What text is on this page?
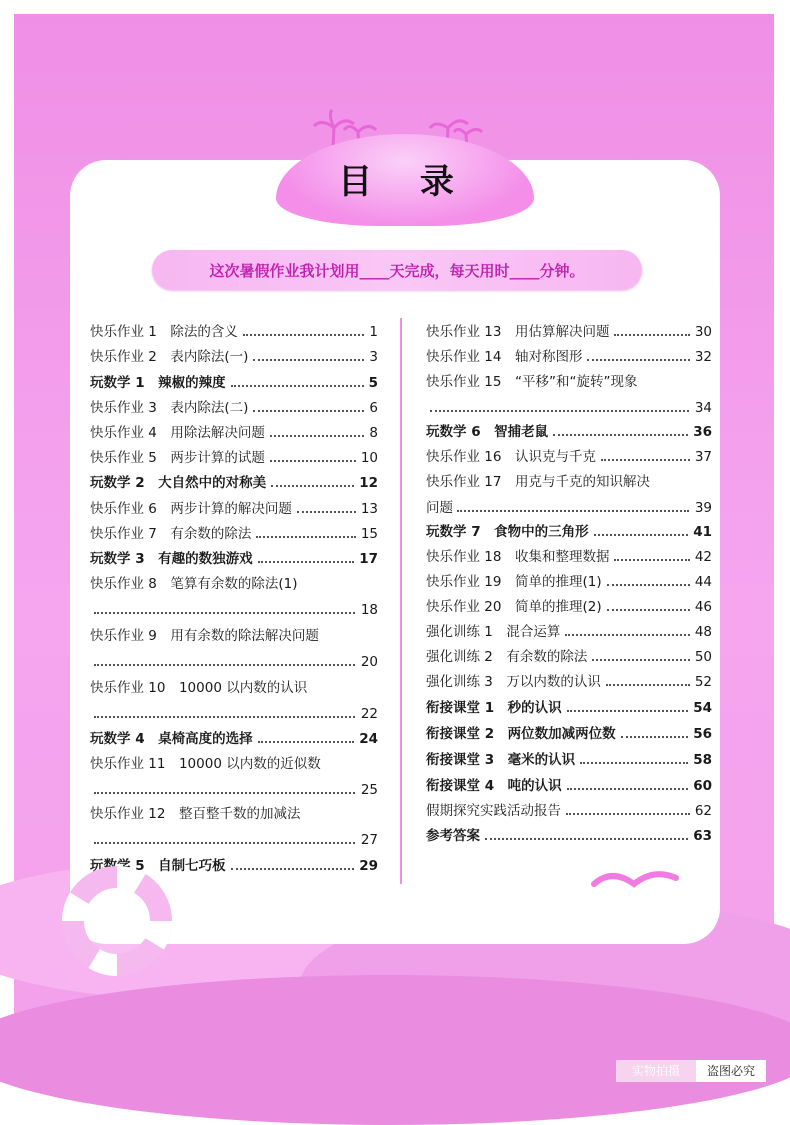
目 录
这次暑假作业我计划用____天完成，每天用时____分钟。
快乐作业 1　除法的含义	1
快乐作业 2　表内除法(一)	3
玩数学 1　辣椒的辣度	5
快乐作业 3　表内除法(二)	6
快乐作业 4　用除法解决问题	8
快乐作业 5　两步计算的试题	10
玩数学 2　大自然中的对称美	12
快乐作业 6　两步计算的解决问题	13
快乐作业 7　有余数的除法	15
玩数学 3　有趣的数独游戏	17
快乐作业 8　笔算有余数的除法(1)
18
快乐作业 9　用有余数的除法解决问题
20
快乐作业 10　10000 以内数的认识
22
玩数学 4　桌椅高度的选择	24
快乐作业 11　10000 以内数的近似数
25
快乐作业 12　整百整千数的加减法
27
玩数学 5　自制七巧板	29
快乐作业 13　用估算解决问题	30
快乐作业 14　轴对称图形	32
快乐作业 15　“平移”和“旋转”现象
34
玩数学 6　智捕老鼠	36
快乐作业 16　认识克与千克	37
快乐作业 17　用克与千克的知识解决
问题	39
玩数学 7　食物中的三角形	41
快乐作业 18　收集和整理数据	42
快乐作业 19　简单的推理(1)	44
快乐作业 20　简单的推理(2)	46
强化训练 1　混合运算	48
强化训练 2　有余数的除法	50
强化训练 3　万以内数的认识	52
衔接课堂 1　秒的认识	54
衔接课堂 2　两位数加减两位数	56
衔接课堂 3　毫米的认识	58
衔接课堂 4　吨的认识	60
假期探究实践活动报告	62
参考答案	63
实物拍摄	盗图必究
